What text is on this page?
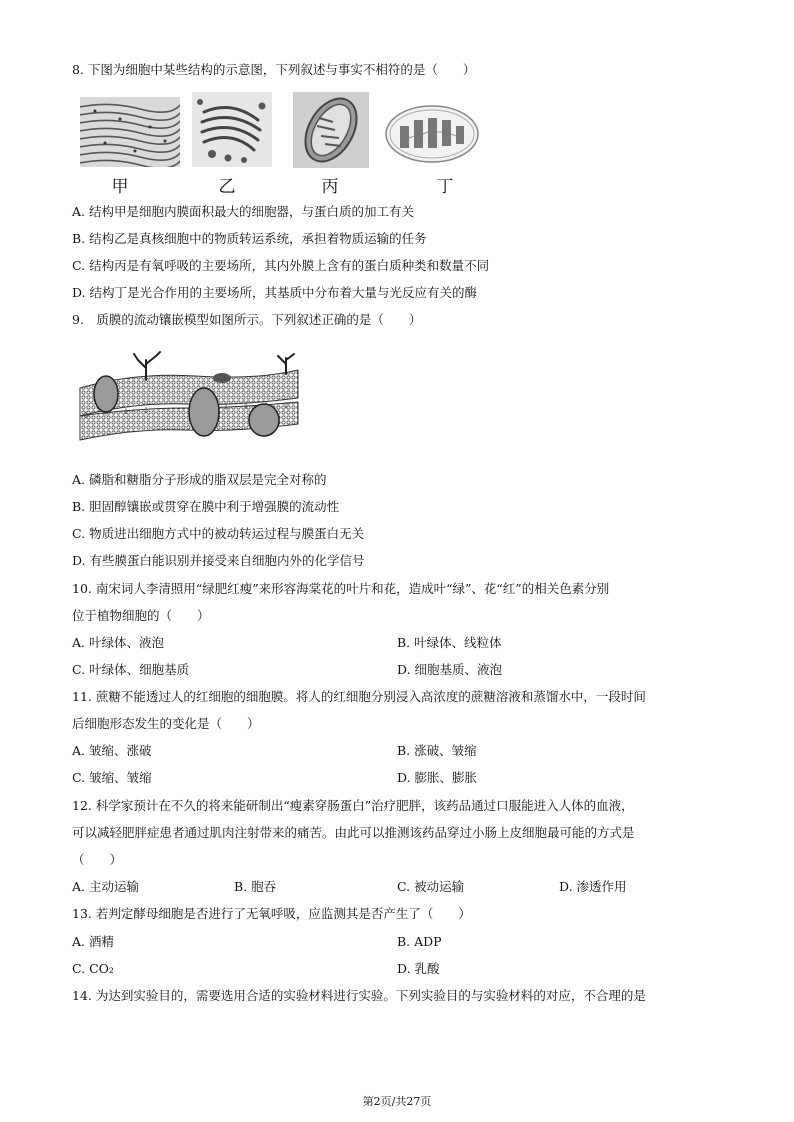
8. 下图为细胞中某些结构的示意图，下列叙述与事实不相符的是（　　）
甲	乙	丙	丁
A. 结构甲是细胞内膜面积最大的细胞器，与蛋白质的加工有关
B. 结构乙是真核细胞中的物质转运系统，承担着物质运输的任务
C. 结构丙是有氧呼吸的主要场所，其内外膜上含有的蛋白质种类和数量不同
D. 结构丁是光合作用的主要场所，其基质中分布着大量与光反应有关的酶
9.　质膜的流动镶嵌模型如图所示。下列叙述正确的是（　　）
A. 磷脂和糖脂分子形成的脂双层是完全对称的
B. 胆固醇镶嵌或贯穿在膜中利于增强膜的流动性
C. 物质进出细胞方式中的被动转运过程与膜蛋白无关
D. 有些膜蛋白能识别并接受来自细胞内外的化学信号
10. 南宋词人李清照用“绿肥红瘦”来形容海棠花的叶片和花，造成叶“绿”、花“红”的相关色素分别
位于植物细胞的（　　）
A. 叶绿体、液泡	B. 叶绿体、线粒体
C. 叶绿体、细胞基质	D. 细胞基质、液泡
11. 蔗糖不能透过人的红细胞的细胞膜。将人的红细胞分别浸入高浓度的蔗糖溶液和蒸馏水中，一段时间
后细胞形态发生的变化是（　　）
A. 皱缩、涨破	B. 涨破、皱缩
C. 皱缩、皱缩	D. 膨胀、膨胀
12. 科学家预计在不久的将来能研制出“瘦素穿肠蛋白”治疗肥胖，该药品通过口服能进入人体的血液，
可以减轻肥胖症患者通过肌肉注射带来的痛苦。由此可以推测该药品穿过小肠上皮细胞最可能的方式是
（　　）
A. 主动运输	B. 胞吞	C. 被动运输	D. 渗透作用
13. 若判定酵母细胞是否进行了无氧呼吸，应监测其是否产生了（　　）
A. 酒精	B. ADP
C. CO₂	D. 乳酸
14. 为达到实验目的，需要选用合适的实验材料进行实验。下列实验目的与实验材料的对应，不合理的是
第2页/共27页
